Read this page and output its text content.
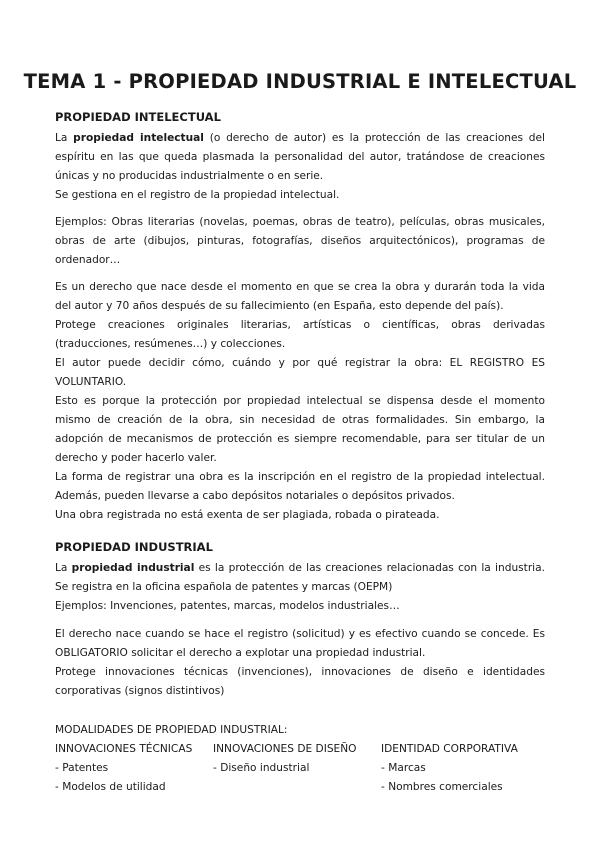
TEMA 1 - PROPIEDAD INDUSTRIAL E INTELECTUAL
PROPIEDAD INTELECTUAL

La propiedad intelectual (o derecho de autor) es la protección de las creaciones del espíritu en las que queda plasmada la personalidad del autor, tratándose de creaciones únicas y no producidas industrialmente o en serie.

Se gestiona en el registro de la propiedad intelectual.

Ejemplos: Obras literarias (novelas, poemas, obras de teatro), películas, obras musicales, obras de arte (dibujos, pinturas, fotografías, diseños arquitectónicos), programas de ordenador…

Es un derecho que nace desde el momento en que se crea la obra y durarán toda la vida del autor y 70 años después de su fallecimiento (en España, esto depende del país).

Protege creaciones originales literarias, artísticas o científicas, obras derivadas (traducciones, resúmenes…) y colecciones.

El autor puede decidir cómo, cuándo y por qué registrar la obra: EL REGISTRO ES VOLUNTARIO.

Esto es porque la protección por propiedad intelectual se dispensa desde el momento mismo de creación de la obra, sin necesidad de otras formalidades. Sin embargo, la adopción de mecanismos de protección es siempre recomendable, para ser titular de un derecho y poder hacerlo valer.

La forma de registrar una obra es la inscripción en el registro de la propiedad intelectual. Además, pueden llevarse a cabo depósitos notariales o depósitos privados.

Una obra registrada no está exenta de ser plagiada, robada o pirateada.

PROPIEDAD INDUSTRIAL

La propiedad industrial es la protección de las creaciones relacionadas con la industria. Se registra en la oficina española de patentes y marcas (OEPM)

Ejemplos: Invenciones, patentes, marcas, modelos industriales…

El derecho nace cuando se hace el registro (solicitud) y es efectivo cuando se concede. Es OBLIGATORIO solicitar el derecho a explotar una propiedad industrial.

Protege innovaciones técnicas (invenciones), innovaciones de diseño e identidades corporativas (signos distintivos)

MODALIDADES DE PROPIEDAD INDUSTRIAL:
INNOVACIONES TÉCNICAS
- Patentes
- Modelos de utilidad
INNOVACIONES DE DISEÑO
- Diseño industrial
IDENTIDAD CORPORATIVA
- Marcas
- Nombres comerciales
